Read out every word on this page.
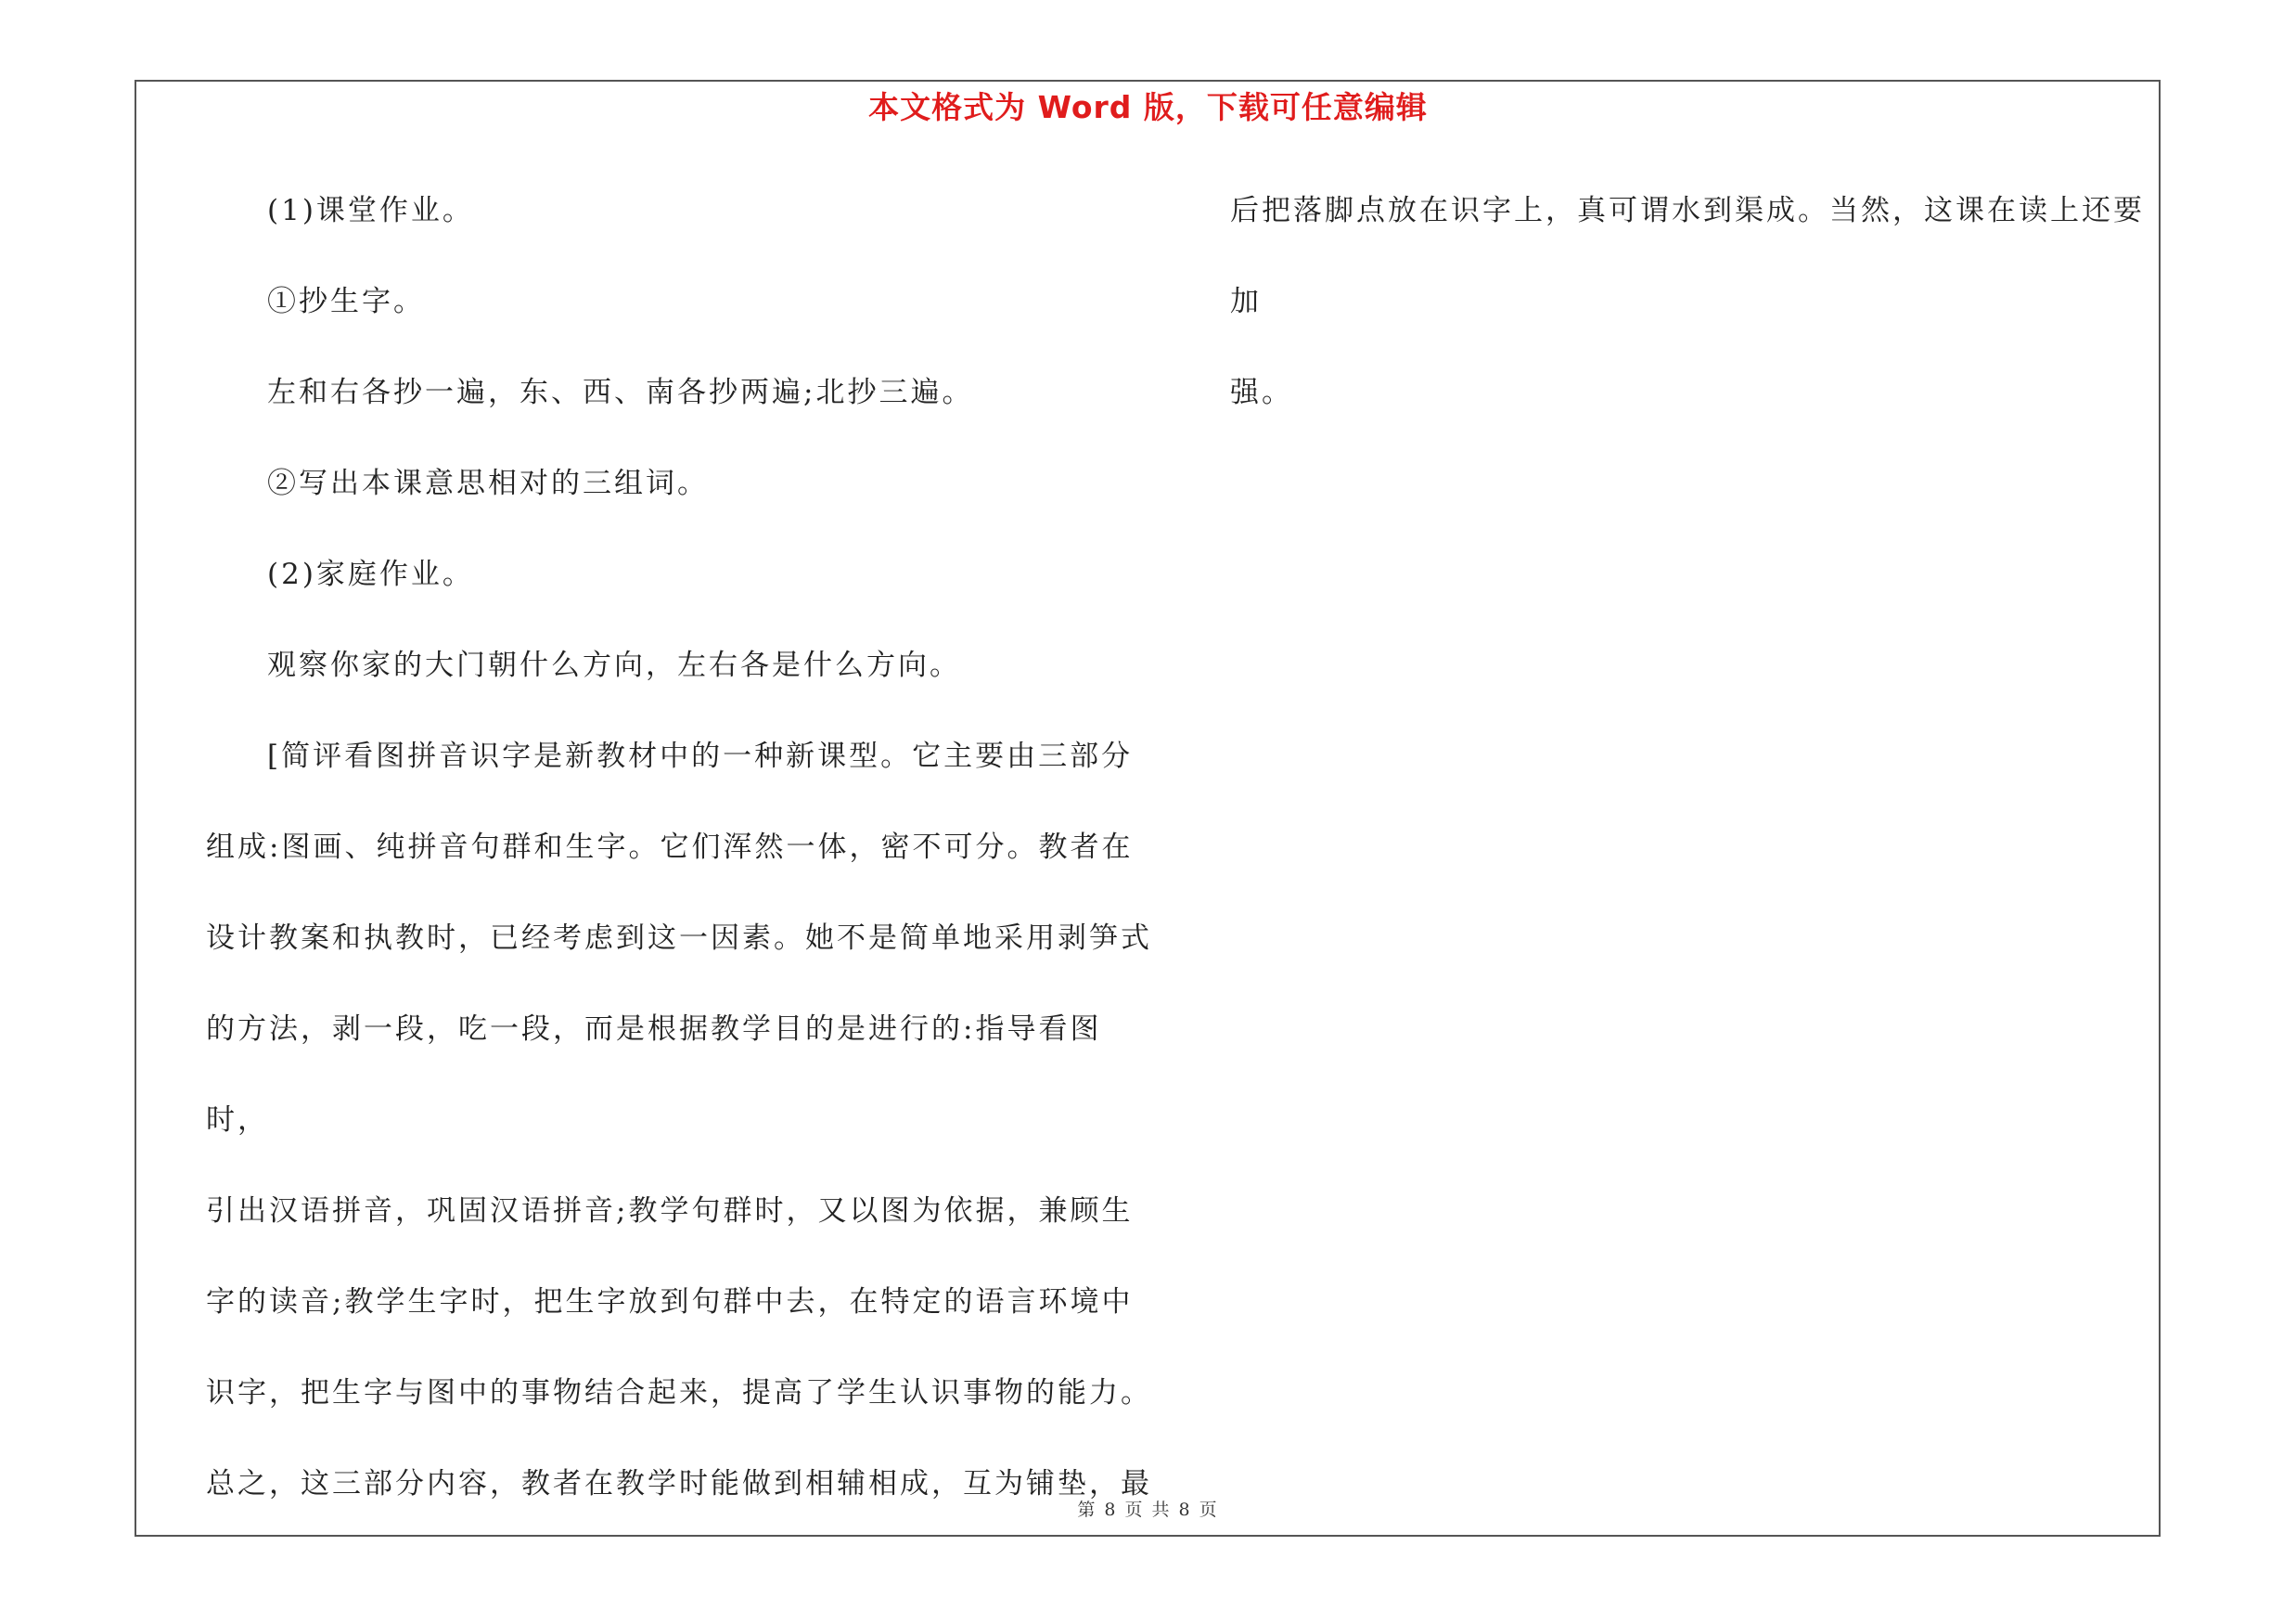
本文格式为 Word 版，下载可任意编辑

(1)课堂作业。

①抄生字。

左和右各抄一遍，东、西、南各抄两遍;北抄三遍。

②写出本课意思相对的三组词。

(2)家庭作业。

观察你家的大门朝什么方向，左右各是什么方向。

[简评看图拼音识字是新教材中的一种新课型。它主要由三部分

组成:图画、纯拼音句群和生字。它们浑然一体，密不可分。教者在

设计教案和执教时，已经考虑到这一因素。她不是简单地采用剥笋式

的方法，剥一段，吃一段，而是根据教学目的是进行的:指导看图时，

引出汉语拼音，巩固汉语拼音;教学句群时，又以图为依据，兼顾生

字的读音;教学生字时，把生字放到句群中去，在特定的语言环境中

识字，把生字与图中的事物结合起来，提高了学生认识事物的能力。

总之，这三部分内容，教者在教学时能做到相辅相成，互为铺垫，最

后把落脚点放在识字上，真可谓水到渠成。当然，这课在读上还要加

强。

第 8 页 共 8 页
